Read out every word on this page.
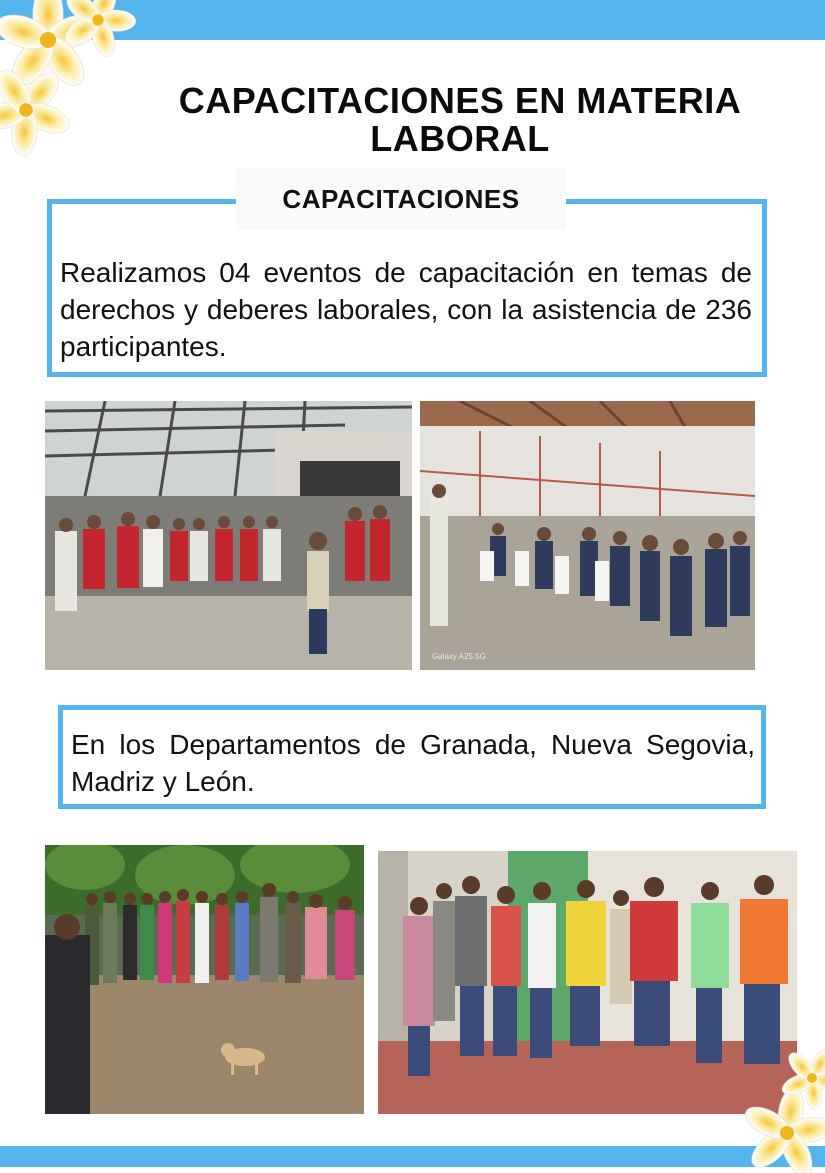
CAPACITACIONES EN MATERIA
LABORAL
Realizamos 04 eventos de capacitación en temas de derechos y deberes laborales, con la asistencia de 236 participantes.
CAPACITACIONES
Galaxy A25 5G
En los Departamentos de Granada, Nueva Segovia, Madriz y León.
